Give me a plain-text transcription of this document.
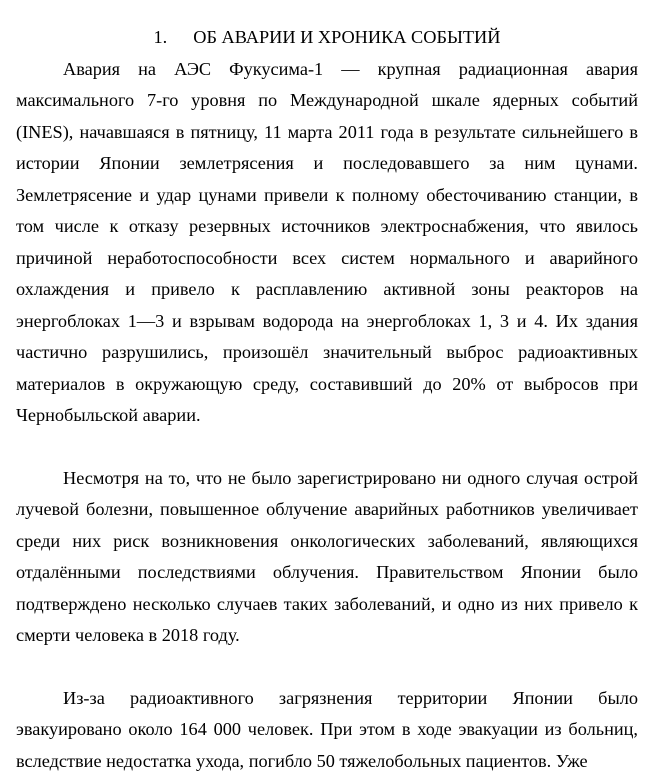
1. ОБ АВАРИИ И ХРОНИКА СОБЫТИЙ

Авария на АЭС Фукусима-1 — крупная радиационная авария максимального 7-го уровня по Международной шкале ядерных событий (INES), начавшаяся в пятницу, 11 марта 2011 года в результате сильнейшего в истории Японии землетрясения и последовавшего за ним цунами. Землетрясение и удар цунами привели к полному обесточиванию станции, в том числе к отказу резервных источников электроснабжения, что явилось причиной неработоспособности всех систем нормального и аварийного охлаждения и привело к расплавлению активной зоны реакторов на энергоблоках 1—3 и взрывам водорода на энергоблоках 1, 3 и 4. Их здания частично разрушились, произошёл значительный выброс радиоактивных материалов в окружающую среду, составивший до 20% от выбросов при Чернобыльской аварии.

Несмотря на то, что не было зарегистрировано ни одного случая острой лучевой болезни, повышенное облучение аварийных работников увеличивает среди них риск возникновения онкологических заболеваний, являющихся отдалёнными последствиями облучения. Правительством Японии было подтверждено несколько случаев таких заболеваний, и одно из них привело к смерти человека в 2018 году.

Из-за радиоактивного загрязнения территории Японии было эвакуировано около 164 000 человек. При этом в ходе эвакуации из больниц, вследствие недостатка ухода, погибло 50 тяжелобольных пациентов. Уже
